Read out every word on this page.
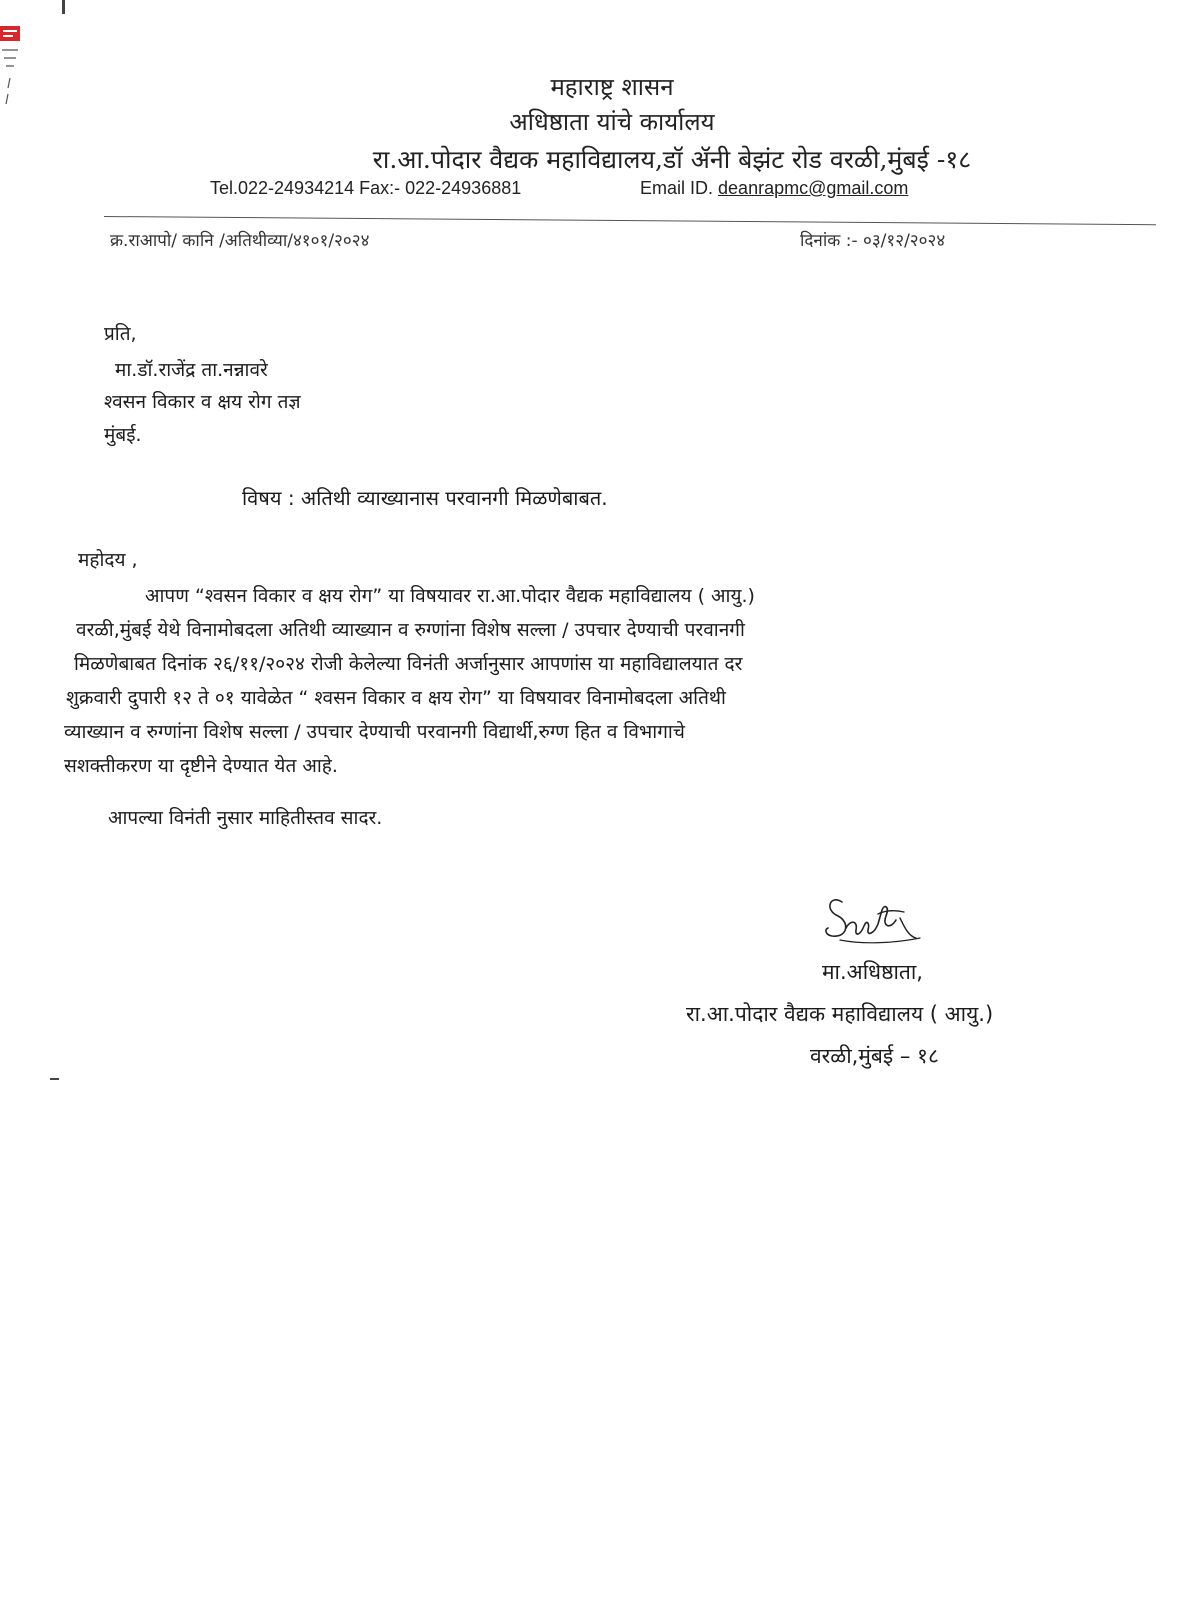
महाराष्ट्र शासन
अधिष्ठाता यांचे कार्यालय
रा.आ.पोदार वैद्यक महाविद्यालय,डॉ ॲनी बेझंट रोड वरळी,मुंबई -१८
Tel.022-24934214 Fax:- 022-24936881	Email ID. deanrapmc@gmail.com
क्र.राआपो/ कानि /अतिथीव्या/४१०१/२०२४	दिनांक :- ०३/१२/२०२४
प्रति,
मा.डॉ.राजेंद्र ता.नन्नावरे
श्वसन विकार व क्षय रोग तज्ञ
मुंबई.
विषय : अतिथी व्याख्यानास परवानगी मिळणेबाबत.
महोदय ,
आपण “श्वसन विकार व क्षय रोग” या विषयावर रा.आ.पोदार वैद्यक महाविद्यालय ( आयु.)
वरळी,मुंबई येथे विनामोबदला अतिथी व्याख्यान व रुग्णांना विशेष सल्ला / उपचार देण्याची परवानगी
मिळणेबाबत दिनांक २६/११/२०२४ रोजी केलेल्या विनंती अर्जानुसार आपणांस या महाविद्यालयात दर
शुक्रवारी दुपारी १२ ते ०१ यावेळेत “ श्वसन विकार व क्षय रोग” या विषयावर विनामोबदला अतिथी
व्याख्यान व रुग्णांना विशेष सल्ला / उपचार देण्याची परवानगी विद्यार्थी,रुग्ण हित व विभागाचे
सशक्तीकरण या दृष्टीने देण्यात येत आहे.
आपल्या विनंती नुसार माहितीस्तव सादर.
मा.अधिष्ठाता,
रा.आ.पोदार वैद्यक महाविद्यालय ( आयु.)
वरळी,मुंबई – १८
